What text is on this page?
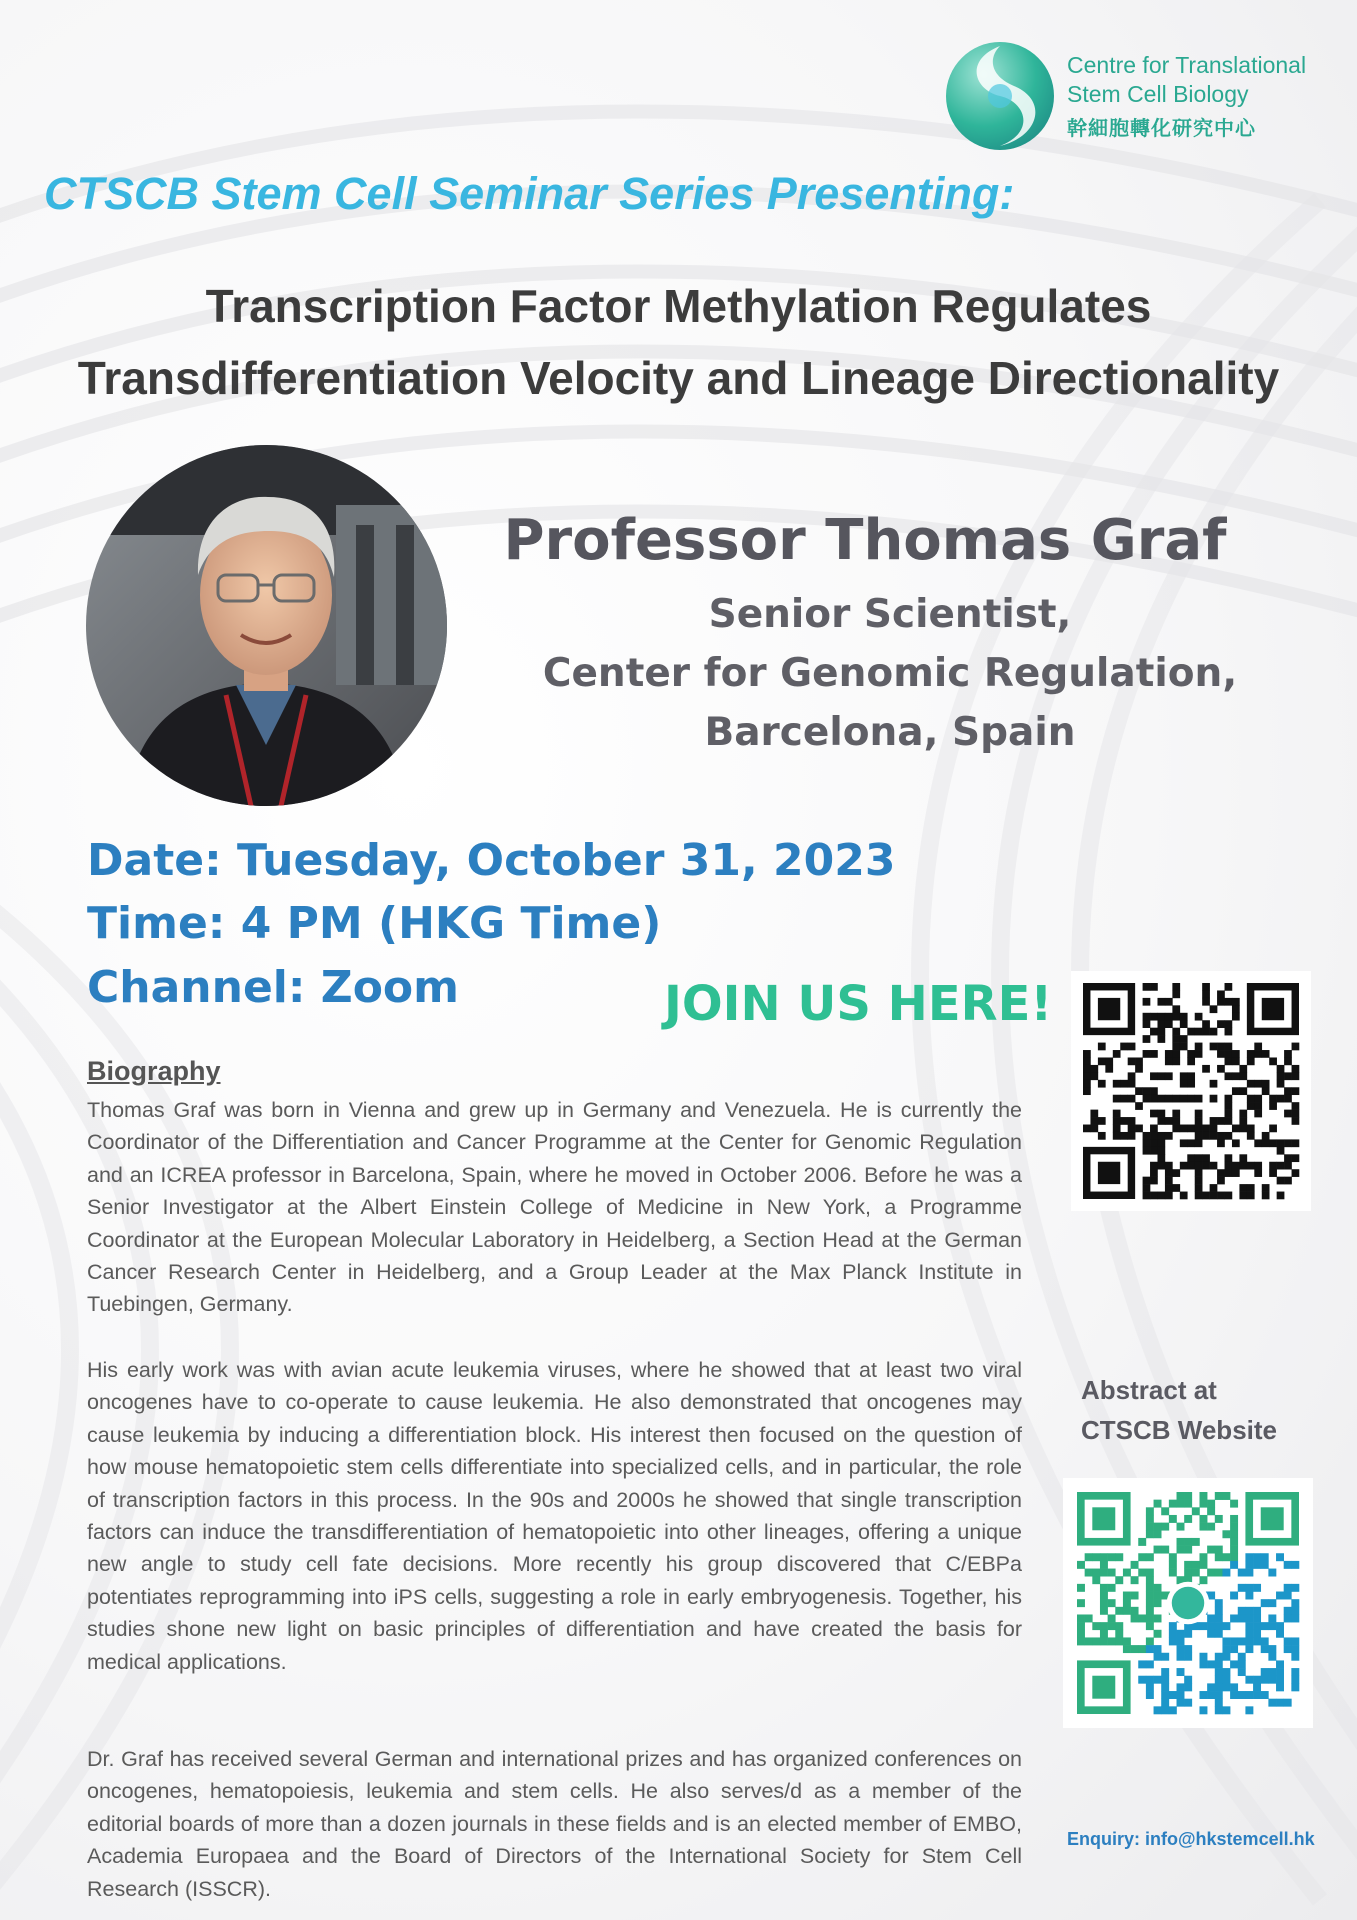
Centre for Translational
Stem Cell Biology
幹細胞轉化研究中心
CTSCB Stem Cell Seminar Series Presenting:
Transcription Factor Methylation Regulates
Transdifferentiation Velocity and Lineage Directionality
Professor Thomas Graf
Senior Scientist,
Center for Genomic Regulation,
Barcelona, Spain
Date: Tuesday, October 31, 2023
Time: 4 PM (HKG Time)
Channel: Zoom	JOIN US HERE!
Biography
Thomas Graf was born in Vienna and grew up in Germany and Venezuela. He is currently the Coordinator of the Differentiation and Cancer Programme at the Center for Genomic Regulation and an ICREA professor in Barcelona, Spain, where he moved in October 2006. Before he was a Senior Investigator at the Albert Einstein College of Medicine in New York, a Programme Coordinator at the European Molecular Laboratory in Heidelberg, a Section Head at the German Cancer Research Center in Heidelberg, and a Group Leader at the Max Planck Institute in Tuebingen, Germany.
His early work was with avian acute leukemia viruses, where he showed that at least two viral oncogenes have to co-operate to cause leukemia. He also demonstrated that oncogenes may cause leukemia by inducing a differentiation block. His interest then focused on the question of how mouse hematopoietic stem cells differentiate into specialized cells, and in particular, the role of transcription factors in this process. In the 90s and 2000s he showed that single transcription factors can induce the transdifferentiation of hematopoietic into other lineages, offering a unique new angle to study cell fate decisions. More recently his group discovered that C/EBPa potentiates reprogramming into iPS cells, suggesting a role in early embryogenesis. Together, his studies shone new light on basic principles of differentiation and have created the basis for medical applications.
Dr. Graf has received several German and international prizes and has organized conferences on oncogenes, hematopoiesis, leukemia and stem cells. He also serves/d as a member of the editorial boards of more than a dozen journals in these fields and is an elected member of EMBO, Academia Europaea and the Board of Directors of the International Society for Stem Cell Research (ISSCR).
Abstract at
CTSCB Website
Enquiry: info@hkstemcell.hk
